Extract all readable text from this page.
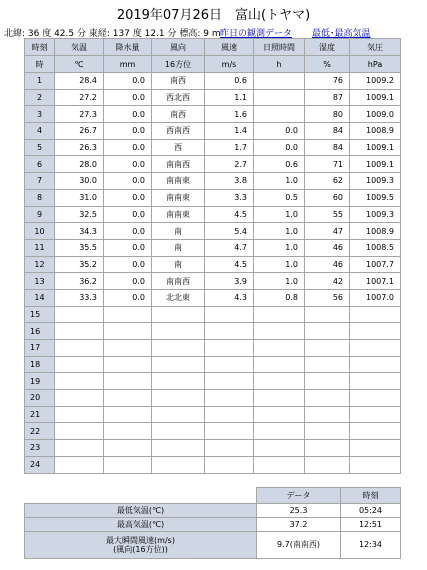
2019年07月26日　富山(トヤマ)
北緯: 36 度 42.5 分 東経: 137 度 12.1 分 標高: 9 m 昨日の観測データ 最低･最高気温
時刻	気温	降水量	風向	風速	日照時間	湿度	気圧
時	℃	mm	16方位	m/s	h	%	hPa
1	28.4	0.0	南西	0.6		76	1009.2
2	27.2	0.0	西北西	1.1		87	1009.1
3	27.3	0.0	南西	1.6		80	1009.0
4	26.7	0.0	西南西	1.4	0.0	84	1008.9
5	26.3	0.0	西	1.7	0.0	84	1009.1
6	28.0	0.0	南南西	2.7	0.6	71	1009.1
7	30.0	0.0	南南東	3.8	1.0	62	1009.3
8	31.0	0.0	南南東	3.3	0.5	60	1009.5
9	32.5	0.0	南南東	4.5	1.0	55	1009.3
10	34.3	0.0	南	5.4	1.0	47	1008.9
11	35.5	0.0	南	4.7	1.0	46	1008.5
12	35.2	0.0	南	4.5	1.0	46	1007.7
13	36.2	0.0	南南西	3.9	1.0	42	1007.1
14	33.3	0.0	北北東	4.3	0.8	56	1007.0
15							
16							
17							
18							
19							
20							
21							
22							
23							
24							
	データ	時刻
最低気温(℃)	25.3	05:24
最高気温(℃)	37.2	12:51
最大瞬間風速(m/s)
(風向(16方位))	9.7(南南西)	12:34
